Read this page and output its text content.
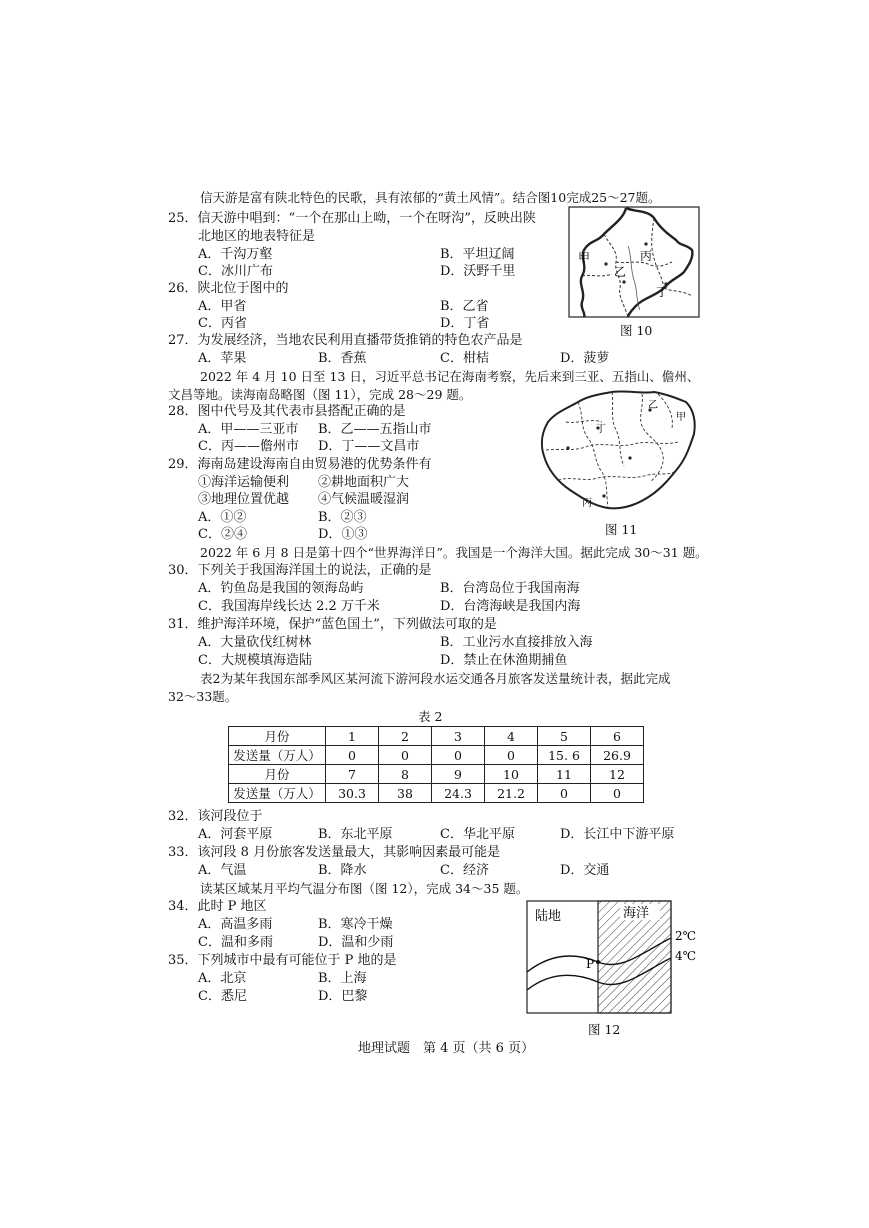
信天游是富有陕北特色的民歌，具有浓郁的“黄土风情”。结合图10完成25～27题。
25．信天游中唱到：“一个在那山上呦，一个在呀沟”，反映出陕
北地区的地表特征是
A．千沟万壑	B．平坦辽阔
C．冰川广布	D．沃野千里
26．陕北位于图中的
A．甲省	B．乙省
C．丙省	D．丁省
甲
乙
丙
丁
图 10
27．为发展经济，当地农民利用直播带货推销的特色农产品是
A．苹果	B．香蕉	C．柑桔	D．菠萝
2022 年 4 月 10 日至 13 日，习近平总书记在海南考察，先后来到三亚、五指山、儋州、
文昌等地。读海南岛略图（图 11），完成 28～29 题。
28．图中代号及其代表市县搭配正确的是
A．甲——三亚市 B．乙——五指山市
C．丙——儋州市 D．丁——文昌市
29．海南岛建设海南自由贸易港的优势条件有
①海洋运输便利 ②耕地面积广大
③地理位置优越 ④气候温暖湿润
A．①②	B．②③
C．②④	D．①③
乙
甲
丁
丙
图 11
2022 年 6 月 8 日是第十四个“世界海洋日”。我国是一个海洋大国。据此完成 30～31 题。
30．下列关于我国海洋国土的说法，正确的是
A．钓鱼岛是我国的领海岛屿	B．台湾岛位于我国南海
C．我国海岸线长达 2.2 万千米	D．台湾海峡是我国内海
31．维护海洋环境，保护“蓝色国土”，下列做法可取的是
A．大量砍伐红树林	B．工业污水直接排放入海
C．大规模填海造陆	D．禁止在休渔期捕鱼
表2为某年我国东部季风区某河流下游河段水运交通各月旅客发送量统计表，据此完成
32～33题。
表 2
月份	1	2	3	4	5	6
发送量（万人）	0	0	0	0	15. 6	26.9
月份	7	8	9	10	11	12
发送量（万人）	30.3	38	24.3	21.2	0	0
32．该河段位于
A．河套平原	B．东北平原	C．华北平原	D．长江中下游平原
33．该河段 8 月份旅客发送量最大，其影响因素最可能是
A．气温	B．降水	C．经济	D．交通
读某区域某月平均气温分布图（图 12），完成 34～35 题。
34．此时 P 地区
A．高温多雨	B．寒冷干燥
C．温和多雨	D．温和少雨
35．下列城市中最有可能位于 P 地的是
A．北京	B．上海
C．悉尼	D．巴黎
陆地	海洋
2℃
4℃
P
图 12
地理试题　第 4 页（共 6 页）
